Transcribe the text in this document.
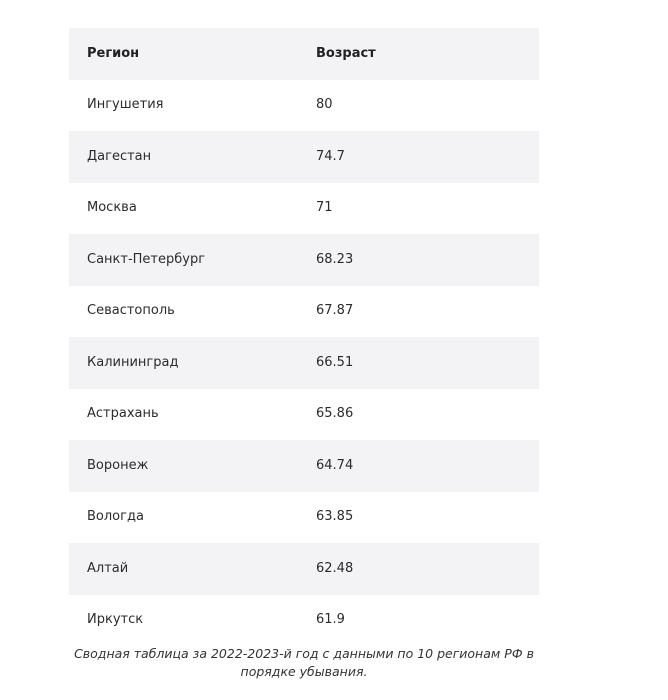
Регион	Возраст
Ингушетия	80
Дагестан	74.7
Москва	71
Санкт-Петербург	68.23
Севастополь	67.87
Калининград	66.51
Астрахань	65.86
Воронеж	64.74
Вологда	63.85
Алтай	62.48
Иркутск	61.9
Сводная таблица за 2022-2023-й год с данными по 10 регионам РФ в порядке убывания.
